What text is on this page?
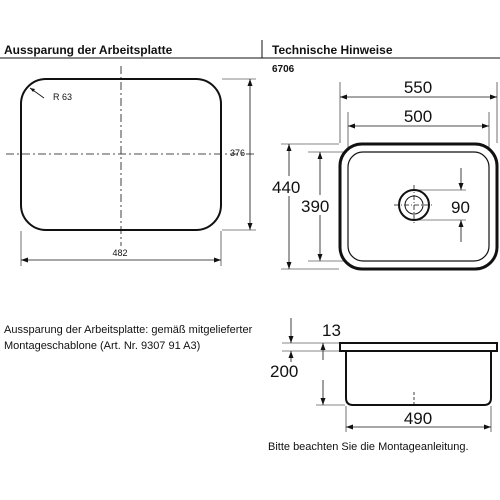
Aussparung der Arbeitsplatte	Technische Hinweise
6706
Aussparung der Arbeitsplatte: gemäß mitgelieferter
Montageschablone (Art. Nr. 9307 91 A3)
Bitte beachten Sie die Montageanleitung.
R 63
376
482
90
550
500
440
390
13
200
490
